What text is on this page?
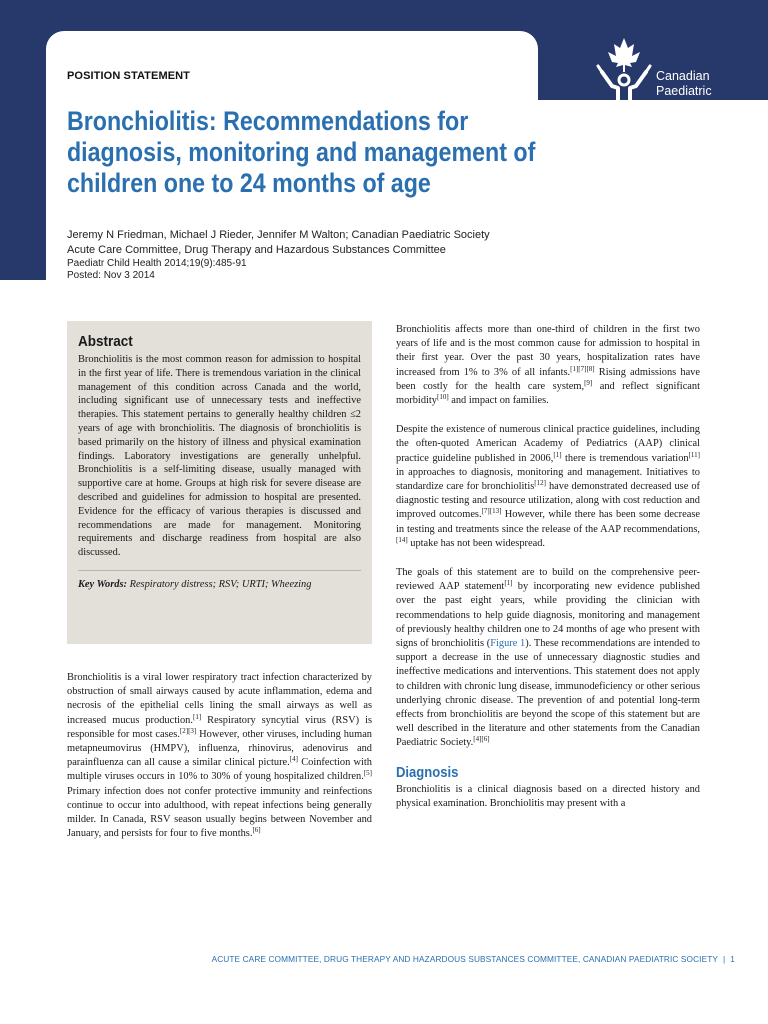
POSITION STATEMENT
Bronchiolitis: Recommendations for
diagnosis, monitoring and management of
children one to 24 months of age
Canadian
Paediatric
Society
Jeremy N Friedman, Michael J Rieder, Jennifer M Walton; Canadian Paediatric Society
Acute Care Committee, Drug Therapy and Hazardous Substances Committee
Paediatr Child Health 2014;19(9):485-91
Posted: Nov 3 2014
Abstract
Bronchiolitis is the most common reason for admission to hospital in the first year of life. There is tremendous variation in the clinical management of this condition across Canada and the world, including significant use of unnecessary tests and ineffective therapies. This statement pertains to generally healthy children ≤2 years of age with bronchiolitis. The diagnosis of bronchiolitis is based primarily on the history of illness and physical examination findings. Laboratory investigations are generally unhelpful. Bronchiolitis is a self-limiting disease, usually managed with supportive care at home. Groups at high risk for severe disease are described and guidelines for admission to hospital are presented. Evidence for the efficacy of various therapies is discussed and recommendations are made for management. Monitoring requirements and discharge readiness from hospital are also discussed.
Key Words: Respiratory distress; RSV; URTI; Wheezing
Bronchiolitis is a viral lower respiratory tract infection characterized by obstruction of small airways caused by acute inflammation, edema and necrosis of the epithelial cells lining the small airways as well as increased mucus production.[1] Respiratory syncytial virus (RSV) is responsible for most cases.[2][3] However, other viruses, including human metapneumovirus (HMPV), influenza, rhinovirus, adenovirus and parainfluenza can all cause a similar clinical picture.[4] Coinfection with multiple viruses occurs in 10% to 30% of young hospitalized children.[5] Primary infection does not confer protective immunity and reinfections continue to occur into adulthood, with repeat infections being generally milder. In Canada, RSV season usually begins between November and January, and persists for four to five months.[6]

Bronchiolitis affects more than one-third of children in the first two years of life and is the most common cause for admission to hospital in their first year. Over the past 30 years, hospitalization rates have increased from 1% to 3% of all infants.[1][7][8] Rising admissions have been costly for the health care system,[9] and reflect significant morbidity[10] and impact on families.

Despite the existence of numerous clinical practice guidelines, including the often-quoted American Academy of Pediatrics (AAP) clinical practice guideline published in 2006,[1] there is tremendous variation[11] in approaches to diagnosis, monitoring and management. Initiatives to standardize care for bronchiolitis[12] have demonstrated decreased use of diagnostic testing and resource utilization, along with cost reduction and improved outcomes.[7][13] However, while there has been some decrease in testing and treatments since the release of the AAP recommendations,[14] uptake has not been widespread.

The goals of this statement are to build on the comprehensive peer-reviewed AAP statement[1] by incorporating new evidence published over the past eight years, while providing the clinician with recommendations to help guide diagnosis, monitoring and management of previously healthy children one to 24 months of age who present with signs of bronchiolitis (Figure 1). These recommendations are intended to support a decrease in the use of unnecessary diagnostic studies and ineffective medications and interventions. This statement does not apply to children with chronic lung disease, immunodeficiency or other serious underlying chronic disease. The prevention of and potential long-term effects from bronchiolitis are beyond the scope of this statement but are well described in the literature and other statements from the Canadian Paediatric Society.[4][6]

Diagnosis

Bronchiolitis is a clinical diagnosis based on a directed history and physical examination. Bronchiolitis may present with a

ACUTE CARE COMMITTEE, DRUG THERAPY AND HAZARDOUS SUBSTANCES COMMITTEE, CANADIAN PAEDIATRIC SOCIETY | 1
